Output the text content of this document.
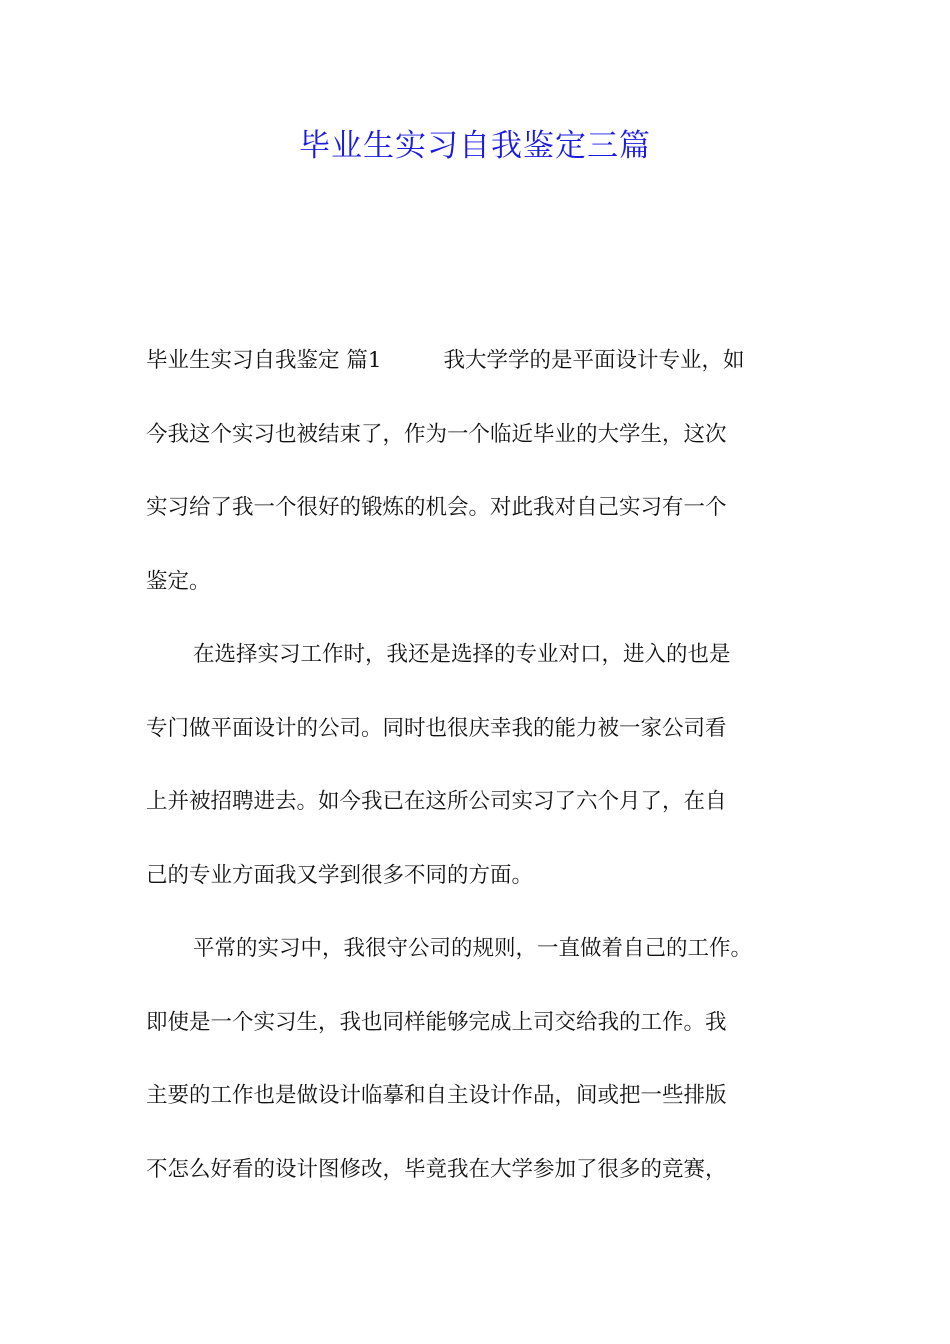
毕业生实习自我鉴定三篇
毕业生实习自我鉴定 篇1	我大学学的是平面设计专业，如
今我这个实习也被结束了，作为一个临近毕业的大学生，这次
实习给了我一个很好的锻炼的机会。对此我对自己实习有一个
鉴定。
在选择实习工作时，我还是选择的专业对口，进入的也是
专门做平面设计的公司。同时也很庆幸我的能力被一家公司看
上并被招聘进去。如今我已在这所公司实习了六个月了，在自
己的专业方面我又学到很多不同的方面。
平常的实习中，我很守公司的规则，一直做着自己的工作。
即使是一个实习生，我也同样能够完成上司交给我的工作。我
主要的工作也是做设计临摹和自主设计作品，间或把一些排版
不怎么好看的设计图修改，毕竟我在大学参加了很多的竞赛，
